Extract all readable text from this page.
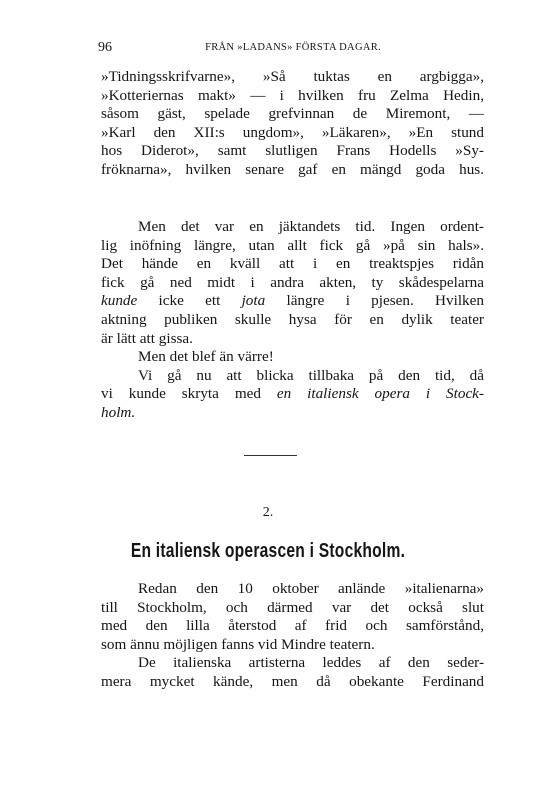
96	FRÅN »LADANS» FÖRSTA DAGAR.
»Tidningsskrifvarne», »Så tuktas en argbigga»,
»Kotteriernas makt» — i hvilken fru Zelma Hedin,
såsom gäst, spelade grefvinnan de Miremont, —
»Karl den XII:s ungdom», »Läkaren», »En stund
hos Diderot», samt slutligen Frans Hodells »Sy-
fröknarna», hvilken senare gaf en mängd goda hus.
Men det var en jäktandets tid. Ingen ordent-
lig inöfning längre, utan allt fick gå »på sin hals».
Det hände en kväll att i en treaktspjes ridån
fick gå ned midt i andra akten, ty skådespelarna
kunde icke ett jota längre i pjesen. Hvilken
aktning publiken skulle hysa för en dylik teater
är lätt att gissa.
Men det blef än värre!
Vi gå nu att blicka tillbaka på den tid, då
vi kunde skryta med en italiensk opera i Stock-
holm.
2.
En italiensk operascen i Stockholm.
Redan den 10 oktober anlände »italienarna»
till Stockholm, och därmed var det också slut
med den lilla återstod af frid och samförstånd,
som ännu möjligen fanns vid Mindre teatern.
De italienska artisterna leddes af den seder-
mera mycket kände, men då obekante Ferdinand
